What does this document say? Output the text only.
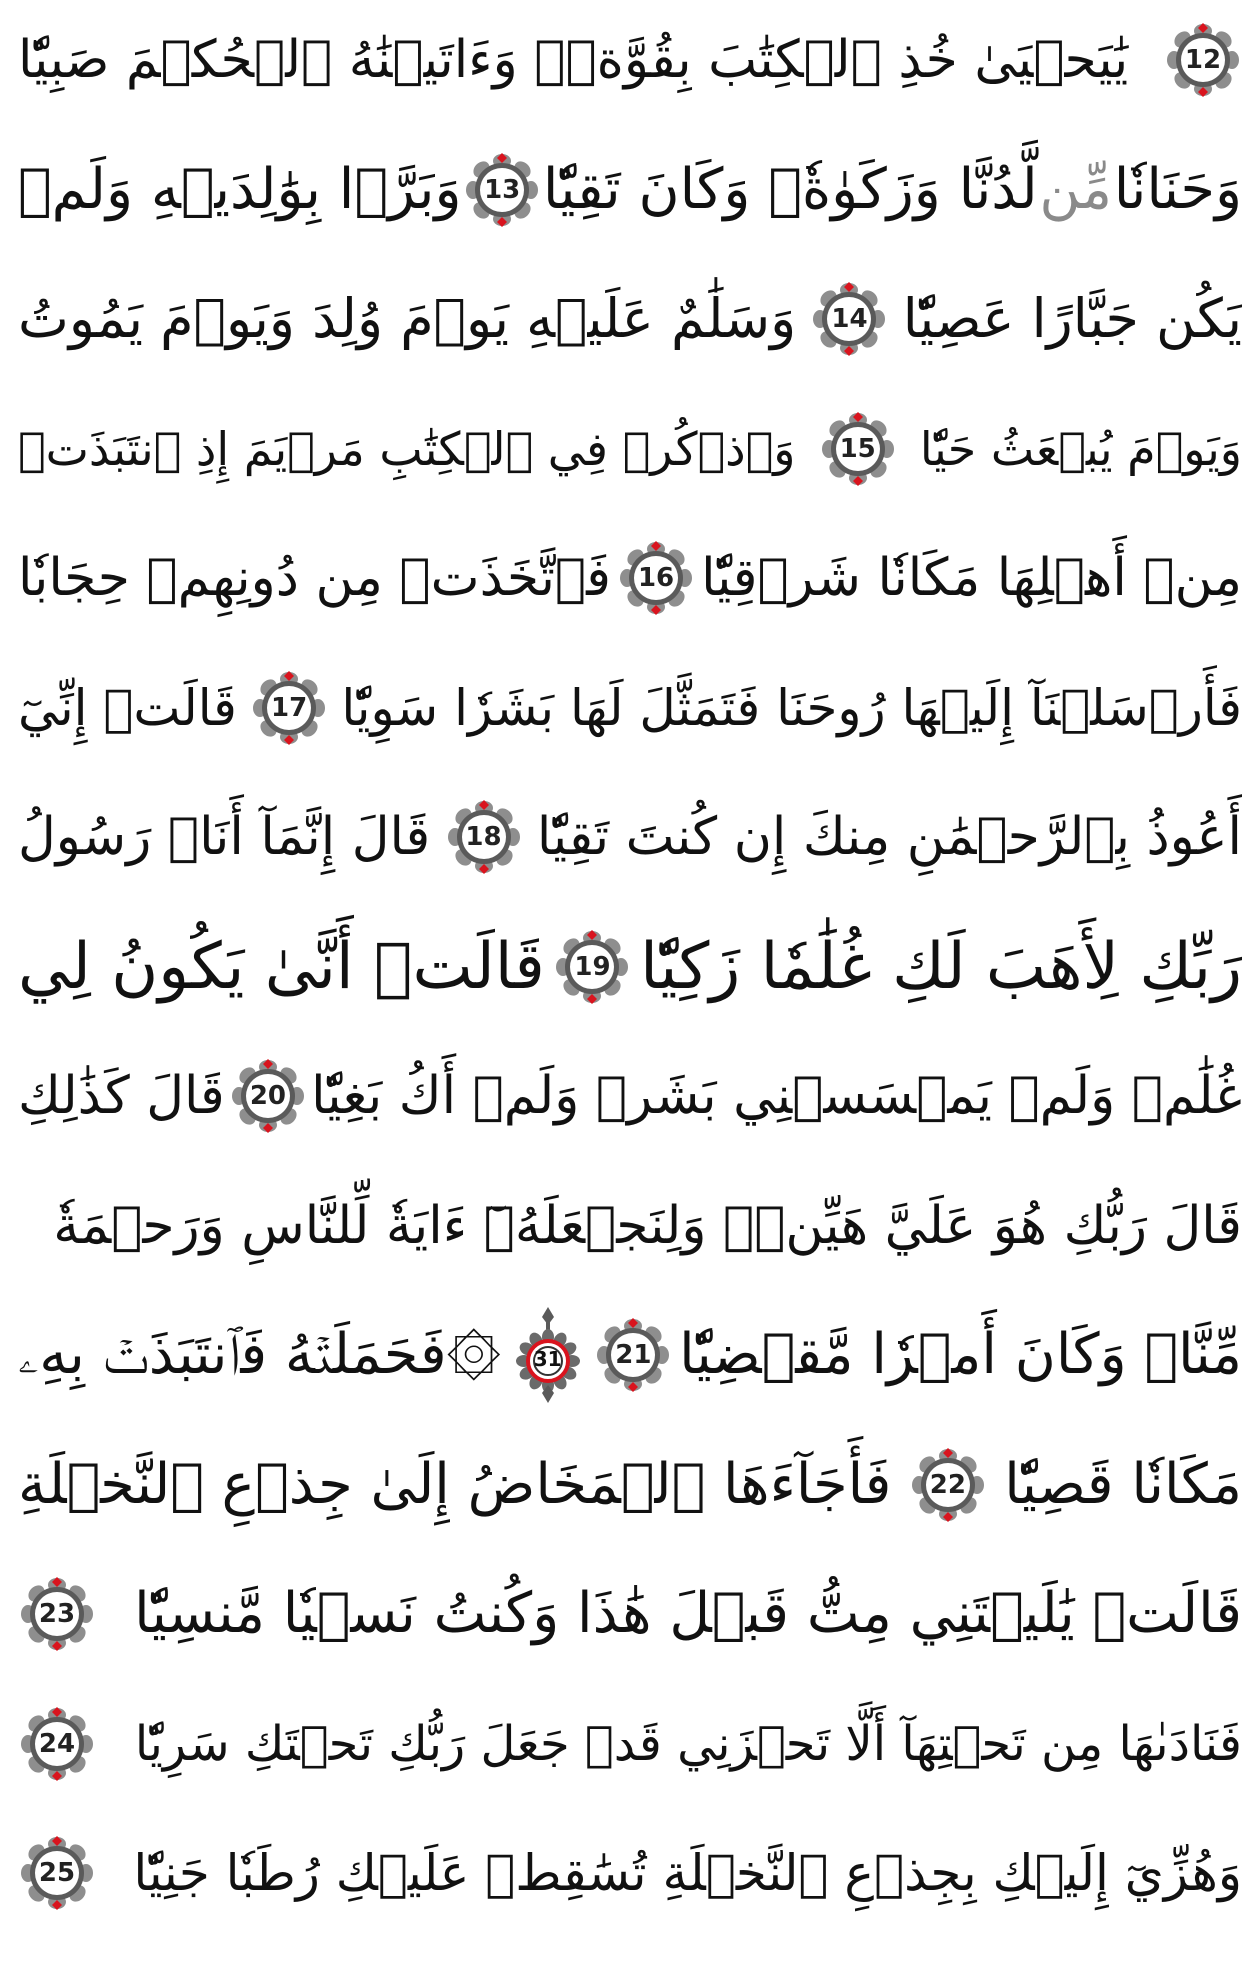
12
يَٰيَحۡيَىٰ خُذِ ٱلۡكِتَٰبَ بِقُوَّةٖۖ وَءَاتَيۡنَٰهُ ٱلۡحُكۡمَ صَبِيّٗا
وَحَنَانٗا
مِّن
لَّدُنَّا وَزَكَوٰةٗۖ وَكَانَ تَقِيّٗا
13
وَبَرَّۢا بِوَٰلِدَيۡهِ وَلَمۡ
يَكُن جَبَّارًا عَصِيّٗا
14
وَسَلَٰمٌ عَلَيۡهِ يَوۡمَ وُلِدَ وَيَوۡمَ يَمُوتُ
وَيَوۡمَ يُبۡعَثُ حَيّٗا
15
وَٱذۡكُرۡ فِي ٱلۡكِتَٰبِ مَرۡيَمَ إِذِ ٱنتَبَذَتۡ
مِنۡ أَهۡلِهَا مَكَانٗا شَرۡقِيّٗا
16
فَٱتَّخَذَتۡ مِن دُونِهِمۡ حِجَابٗا
فَأَرۡسَلۡنَآ إِلَيۡهَا رُوحَنَا فَتَمَثَّلَ لَهَا بَشَرٗا سَوِيّٗا
17
قَالَتۡ إِنِّيٓ
أَعُوذُ بِٱلرَّحۡمَٰنِ مِنكَ إِن كُنتَ تَقِيّٗا
18
قَالَ إِنَّمَآ أَنَا۠ رَسُولُ
رَبِّكِ لِأَهَبَ لَكِ غُلَٰمٗا زَكِيّٗا
19
قَالَتۡ أَنَّىٰ يَكُونُ لِي
غُلَٰمٞ وَلَمۡ يَمۡسَسۡنِي بَشَرٞ وَلَمۡ أَكُ بَغِيّٗا
20
قَالَ كَذَٰلِكِ
قَالَ رَبُّكِ هُوَ عَلَيَّ هَيِّنٞۖ وَلِنَجۡعَلَهُۥٓ ءَايَةٗ لِّلنَّاسِ وَرَحۡمَةٗ
مِّنَّاۚ وَكَانَ أَمۡرٗا مَّقۡضِيّٗا
21
31
۞فَحَمَلَتۡهُ فَٱنتَبَذَتۡ بِهِۦ
مَكَانٗا قَصِيّٗا
22
فَأَجَآءَهَا ٱلۡمَخَاضُ إِلَىٰ جِذۡعِ ٱلنَّخۡلَةِ
قَالَتۡ يَٰلَيۡتَنِي مِتُّ قَبۡلَ هَٰذَا وَكُنتُ نَسۡيٗا مَّنسِيّٗا
23
فَنَادَىٰهَا مِن تَحۡتِهَآ أَلَّا تَحۡزَنِي قَدۡ جَعَلَ رَبُّكِ تَحۡتَكِ سَرِيّٗا
24
وَهُزِّيٓ إِلَيۡكِ بِجِذۡعِ ٱلنَّخۡلَةِ تُسَٰقِطۡ عَلَيۡكِ رُطَبٗا جَنِيّٗا
25
